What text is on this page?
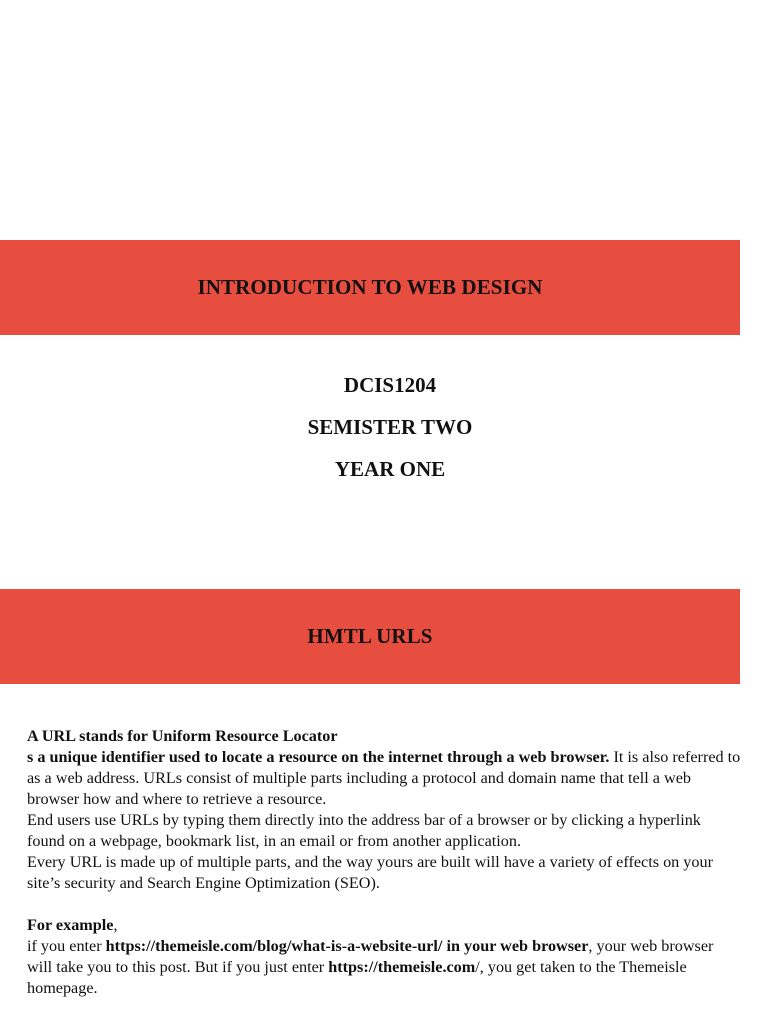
INTRODUCTION TO WEB DESIGN
DCIS1204
SEMISTER TWO
YEAR ONE
HMTL URLS

A URL stands for Uniform Resource Locator

s a unique identifier used to locate a resource on the internet through a web browser. It is also referred to as a web address. URLs consist of multiple parts including a protocol and domain name that tell a web browser how and where to retrieve a resource.

End users use URLs by typing them directly into the address bar of a browser or by clicking a hyperlink found on a webpage, bookmark list, in an email or from another application.

Every URL is made up of multiple parts, and the way yours are built will have a variety of effects on your site’s security and Search Engine Optimization (SEO).

For example,

if you enter https://themeisle.com/blog/what-is-a-website-url/ in your web browser, your web browser will take you to this post. But if you just enter https://themeisle.com/, you get taken to the Themeisle homepage.
